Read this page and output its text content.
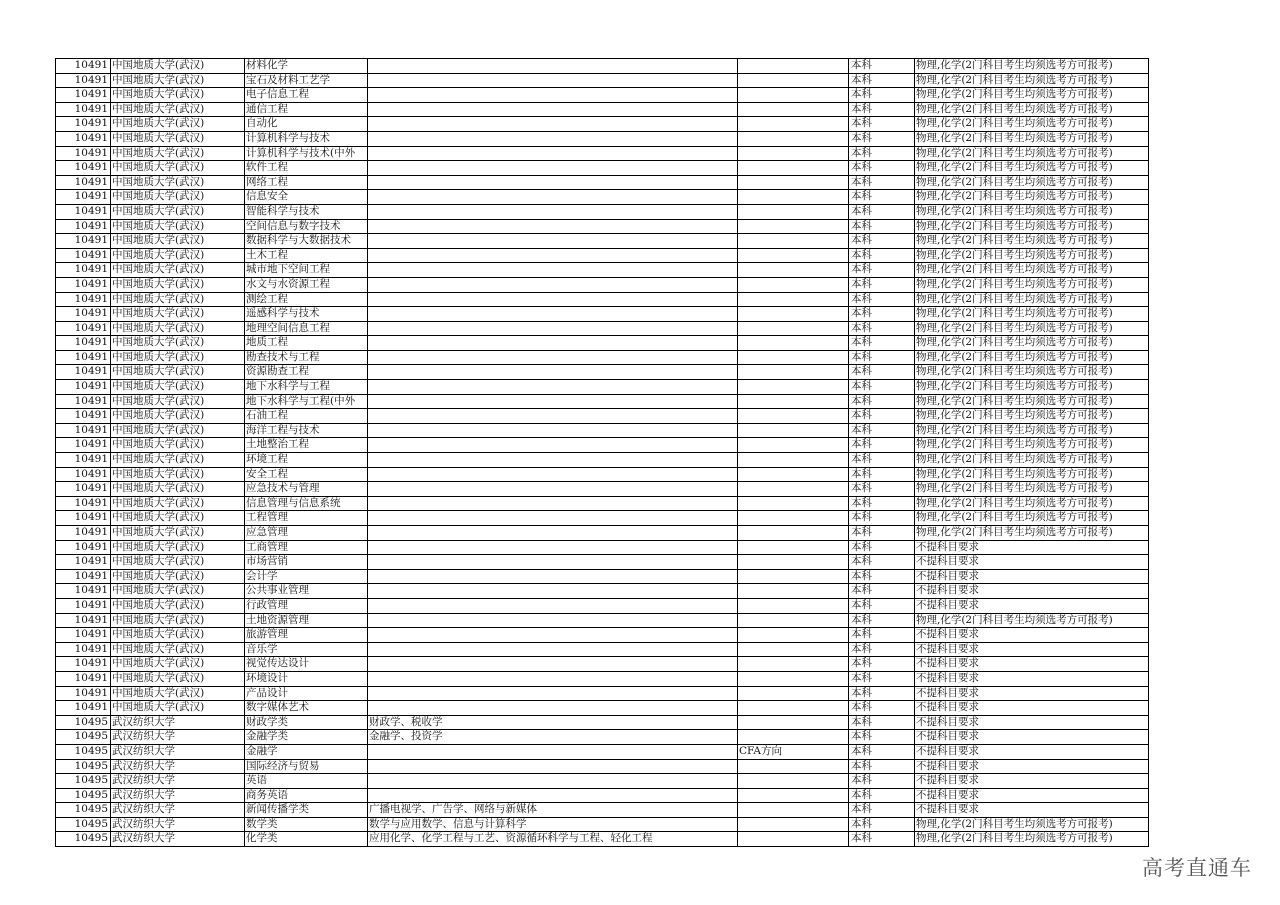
10491	中国地质大学(武汉)	材料化学			本科	物理,化学(2门科目考生均须选考方可报考)
10491	中国地质大学(武汉)	宝石及材料工艺学			本科	物理,化学(2门科目考生均须选考方可报考)
10491	中国地质大学(武汉)	电子信息工程			本科	物理,化学(2门科目考生均须选考方可报考)
10491	中国地质大学(武汉)	通信工程			本科	物理,化学(2门科目考生均须选考方可报考)
10491	中国地质大学(武汉)	自动化			本科	物理,化学(2门科目考生均须选考方可报考)
10491	中国地质大学(武汉)	计算机科学与技术			本科	物理,化学(2门科目考生均须选考方可报考)
10491	中国地质大学(武汉)	计算机科学与技术(中外			本科	物理,化学(2门科目考生均须选考方可报考)
10491	中国地质大学(武汉)	软件工程			本科	物理,化学(2门科目考生均须选考方可报考)
10491	中国地质大学(武汉)	网络工程			本科	物理,化学(2门科目考生均须选考方可报考)
10491	中国地质大学(武汉)	信息安全			本科	物理,化学(2门科目考生均须选考方可报考)
10491	中国地质大学(武汉)	智能科学与技术			本科	物理,化学(2门科目考生均须选考方可报考)
10491	中国地质大学(武汉)	空间信息与数字技术			本科	物理,化学(2门科目考生均须选考方可报考)
10491	中国地质大学(武汉)	数据科学与大数据技术			本科	物理,化学(2门科目考生均须选考方可报考)
10491	中国地质大学(武汉)	土木工程			本科	物理,化学(2门科目考生均须选考方可报考)
10491	中国地质大学(武汉)	城市地下空间工程			本科	物理,化学(2门科目考生均须选考方可报考)
10491	中国地质大学(武汉)	水文与水资源工程			本科	物理,化学(2门科目考生均须选考方可报考)
10491	中国地质大学(武汉)	测绘工程			本科	物理,化学(2门科目考生均须选考方可报考)
10491	中国地质大学(武汉)	遥感科学与技术			本科	物理,化学(2门科目考生均须选考方可报考)
10491	中国地质大学(武汉)	地理空间信息工程			本科	物理,化学(2门科目考生均须选考方可报考)
10491	中国地质大学(武汉)	地质工程			本科	物理,化学(2门科目考生均须选考方可报考)
10491	中国地质大学(武汉)	勘查技术与工程			本科	物理,化学(2门科目考生均须选考方可报考)
10491	中国地质大学(武汉)	资源勘查工程			本科	物理,化学(2门科目考生均须选考方可报考)
10491	中国地质大学(武汉)	地下水科学与工程			本科	物理,化学(2门科目考生均须选考方可报考)
10491	中国地质大学(武汉)	地下水科学与工程(中外			本科	物理,化学(2门科目考生均须选考方可报考)
10491	中国地质大学(武汉)	石油工程			本科	物理,化学(2门科目考生均须选考方可报考)
10491	中国地质大学(武汉)	海洋工程与技术			本科	物理,化学(2门科目考生均须选考方可报考)
10491	中国地质大学(武汉)	土地整治工程			本科	物理,化学(2门科目考生均须选考方可报考)
10491	中国地质大学(武汉)	环境工程			本科	物理,化学(2门科目考生均须选考方可报考)
10491	中国地质大学(武汉)	安全工程			本科	物理,化学(2门科目考生均须选考方可报考)
10491	中国地质大学(武汉)	应急技术与管理			本科	物理,化学(2门科目考生均须选考方可报考)
10491	中国地质大学(武汉)	信息管理与信息系统			本科	物理,化学(2门科目考生均须选考方可报考)
10491	中国地质大学(武汉)	工程管理			本科	物理,化学(2门科目考生均须选考方可报考)
10491	中国地质大学(武汉)	应急管理			本科	物理,化学(2门科目考生均须选考方可报考)
10491	中国地质大学(武汉)	工商管理			本科	不提科目要求
10491	中国地质大学(武汉)	市场营销			本科	不提科目要求
10491	中国地质大学(武汉)	会计学			本科	不提科目要求
10491	中国地质大学(武汉)	公共事业管理			本科	不提科目要求
10491	中国地质大学(武汉)	行政管理			本科	不提科目要求
10491	中国地质大学(武汉)	土地资源管理			本科	物理,化学(2门科目考生均须选考方可报考)
10491	中国地质大学(武汉)	旅游管理			本科	不提科目要求
10491	中国地质大学(武汉)	音乐学			本科	不提科目要求
10491	中国地质大学(武汉)	视觉传达设计			本科	不提科目要求
10491	中国地质大学(武汉)	环境设计			本科	不提科目要求
10491	中国地质大学(武汉)	产品设计			本科	不提科目要求
10491	中国地质大学(武汉)	数字媒体艺术			本科	不提科目要求
10495	武汉纺织大学	财政学类	财政学、税收学		本科	不提科目要求
10495	武汉纺织大学	金融学类	金融学、投资学		本科	不提科目要求
10495	武汉纺织大学	金融学		CFA方向	本科	不提科目要求
10495	武汉纺织大学	国际经济与贸易			本科	不提科目要求
10495	武汉纺织大学	英语			本科	不提科目要求
10495	武汉纺织大学	商务英语			本科	不提科目要求
10495	武汉纺织大学	新闻传播学类	广播电视学、广告学、网络与新媒体		本科	不提科目要求
10495	武汉纺织大学	数学类	数学与应用数学、信息与计算科学		本科	物理,化学(2门科目考生均须选考方可报考)
10495	武汉纺织大学	化学类	应用化学、化学工程与工艺、资源循环科学与工程、轻化工程		本科	物理,化学(2门科目考生均须选考方可报考)
高考直通车
